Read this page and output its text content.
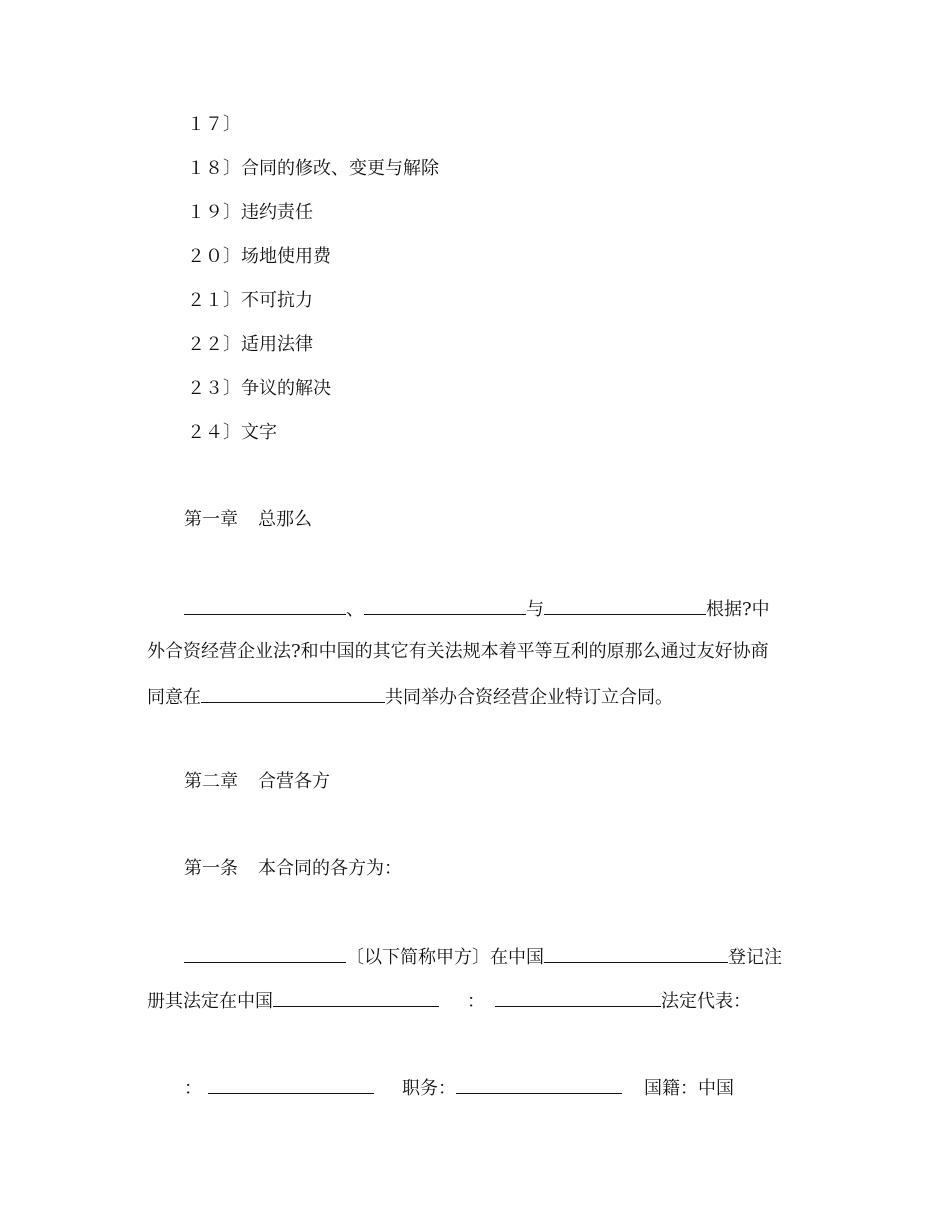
１７〕
１８〕合同的修改、变更与解除
１９〕违约责任
２０〕场地使用费
２１〕不可抗力
２２〕适用法律
２３〕争议的解决
２４〕文字
第一章 总那么
、	与	根据?中
外合资经营企业法?和中国的其它有关法规本着平等互利的原那么通过友好协商
同意在	共同举办合资经营企业特订立合同。
第二章 合营各方
第一条 本合同的各方为：
〔以下简称甲方〕在中国	登记注
册其法定在中国	：	法定代表：
：	职务：	国籍：中国
